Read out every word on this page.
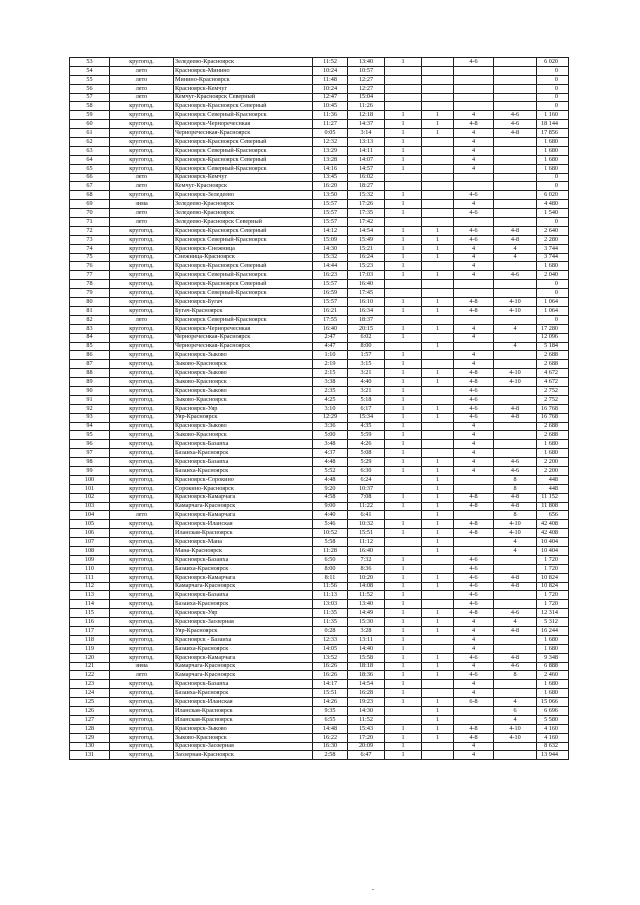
53	кругогод.	Зеледеево-Красноярск	11:52	13:40	1		4-6		6 020
54	лето	Красноярск-Минино	10:24	10:57					0
55	лето	Минино-Красноярск	11:48	12:27					0
56	лето	Красноярск-Кемчуг	10:24	12:27					0
57	лето	Кемчуг-Красноярск Северный	12:47	15:04					0
58	кругогод.	Красноярск-Красноярск Северный	10:45	11:26					0
59	кругогод.	Красноярск Северный-Красноярск	11:36	12:18	1	1	4	4-6	1 160
60	кругогод.	Красноярск-Черноречеснкая	11:27	14:37	1	1	4-8	4-6	18 144
61	кругогод.	Черноречеснкая-Красноярск	0:05	3:14	1	1	4	4-8	17 856
62	кругогод.	Красноярск-Красноярск Северный	12:32	13:13	1		4		1 680
63	кругогод.	Красноярск Северный-Красноярск	13:29	14:11	1		4		1 680
64	кругогод.	Красноярск-Красноярск Северный	13:28	14:07	1		4		1 680
65	кругогод.	Красноярск Северный-Красноярск	14:16	14:57	1		4		1 680
66	лето	Красноярск-Кемчуг	13:45	16:02					0
67	лето	Кемчуг-Красноярск	16:20	18:27					0
68	кругогод.	Красноярск-Зеледеево	13:50	15:32	1		4-6		6 020
69	зима	Зеледеево-Красноярск	15:57	17:26	1		4		4 480
70	лето	Зеледеево-Красноярск	15:57	17:35	1		4-6		1 540
71	лето	Зеледеево-Красноярск Северный	15:57	17:42					0
72	кругогод.	Красноярск-Красноярск Северный	14:12	14:54	1	1	4-6	4-8	2 640
73	кругогод.	Красноярск Северный-Красноярск	15:09	15:49	1	1	4-6	4-8	2 280
74	кругогод.	Красноярск-Снежница	14:30	15:21	1	1	4	4	3 744
75	кругогод.	Снежница-Красноярск	15:32	16:24	1	1	4	4	3 744
76	кругогод.	Красноярск-Красноярск Северный	14:44	15:23	1		4		1 680
77	кругогод.	Красноярск Северный-Красноярск	16:23	17:03	1	1	4	4-6	2 040
78	кругогод.	Красноярск-Красноярск Северный	15:57	16:40					0
79	кругогод.	Красноярск Северный-Красноярск	16:59	17:45					0
80	кругогод.	Красноярск-Бугач	15:57	16:10	1	1	4-8	4-10	1 064
81	кругогод.	Бугач-Красноярск	16:21	16:34	1	1	4-8	4-10	1 064
82	лето	Красноярск Северный-Красноярск	17:55	18:37					0
83	кругогод.	Красноярск-Черноречеснкая	16:40	20:15	1	1	4	4	17 280
84	кругогод.	Черноречеснкая-Красноярск	2:47	6:02	1		4		12 096
85	кругогод.	Черноречеснкая-Красноярск	4:47	8:00		1		4	5 184
86	кругогод.	Красноярск-Зыково	1:10	1:57	1		4		2 688
87	кругогод.	Зыково-Красноярск	2:19	3:15	1		4		2 688
88	кругогод.	Красноярск-Зыково	2:15	3:21	1	1	4-8	4-10	4 672
89	кругогод.	Зыково-Красноярск	3:38	4:40	1	1	4-8	4-10	4 672
90	кругогод.	Красноярск-Зыково	2:35	3:21	1		4-6		2 752
91	кругогод.	Зыково-Красноярск	4:25	5:18	1		4-6		2 752
92	кругогод.	Красноярск-Уяр	3:10	6:17	1	1	4-6	4-8	16 768
93	кругогод.	Уяр-Красноярск	12:29	15:34	1	1	4-6	4-8	16 768
94	кругогод.	Красноярск-Зыково	3:36	4:35	1		4		2 688
95	кругогод.	Зыково-Красноярск	5:00	5:59	1		4		2 688
96	кругогод.	Красноярск-Базаиха	3:48	4:26	1		4		1 680
97	кругогод.	Базаиха-Красноярск	4:37	5:08	1		4		1 680
98	кругогод.	Красноярск-Базаиха	4:48	5:29	1	1	4	4-6	2 200
99	кругогод.	Базаиха-Красноярск	5:52	6:30	1	1	4	4-6	2 200
100	кругогод.	Красноярск-Сорокино	4:48	6:24		1		8	448
101	кругогод.	Сорокино-Красноярск	9:20	10:37		1		8	448
102	кругогод.	Красноярск-Камарчага	4:58	7:08	1	1	4-8	4-8	11 152
103	кругогод.	Камарчага-Красноярск	9:00	11:22	1	1	4-8	4-8	11 808
104	лето	Красноярск-Камарчага	4:40	6:41		1		8	656
105	кругогод.	Красноярск-Иланская	5:46	10:32	1	1	4-8	4-10	42 408
106	кругогод.	Иланская-Красноярск	10:52	15:51	1	1	4-8	4-10	42 408
107	кругогод.	Красноярск-Мана	5:58	11:12		1		4	10 404
108	кругогод.	Мана-Красноярск	11:28	16:40		1		4	10 404
109	кругогод.	Красноярск-Базаиха	6:50	7:32	1		4-6		1 720
110	кругогод.	Базаиха-Красноярск	8:00	8:36	1		4-6		1 720
111	кругогод.	Красноярск-Камарчага	8:11	10:20	1	1	4-6	4-8	10 824
112	кругогод.	Камарчага-Красноярск	11:56	14:08	1	1	4-6	4-8	10 824
113	кругогод.	Красноярск-Базаиха	11:13	11:52	1		4-6		1 720
114	кругогод.	Базаиха-Красноярск	13:03	13:40	1		4-6		1 720
115	кругогод.	Красноярск-Уяр	11:35	14:49	1	1	4-8	4-6	12 314
116	кругогод.	Красноярск-Заозерная	11:35	15:30	1	1	4	4	5 312
117	кругогод.	Уяр-Красноярск	0:28	3:28	1	1	4	4-8	16 244
118	кругогод.	Красноярск - Базаиха	12:33	13:11	1		4		1 680
119	кругогод.	Базаиха-Красноярск	14:05	14:40	1		4		1 680
120	кругогод.	Красноярск-Камарчага	13:52	15:58	1	1	4-6	4-8	9 348
121	зима	Камарчага-Красноярск	16:26	18:18	1	1	4	4-6	6 888
122	лето	Камарчага-Красноярск	16:26	18:36	1	1	4-6	8	2 460
123	кругогод.	Красноярск-Базаиха	14:17	14:54	1		4		1 680
124	кругогод.	Базаиха-Красноярск	15:51	16:28	1		4		1 680
125	кругогод.	Красноярск-Иланская	14:26	19:23	1	1	6-8	4	15 066
126	кругогод.	Иланская-Красноярск	9:35	14:30		1		6	6 696
127	кругогод.	Иланская-Красноярск	6:55	11:52		1		4	5 580
128	кругогод.	Красноярск-Зыково	14:48	15:43	1	1	4-8	4-10	4 160
129	кругогод.	Зыково-Красноярск	16:22	17:20	1	1	4-8	4-10	4 160
130	кругогод.	Красноярск-Заозерная	16:30	20:09	1		4		8 632
131	кругогод.	Заозерная-Красноярск	2:58	6:47	1		4		13 944
